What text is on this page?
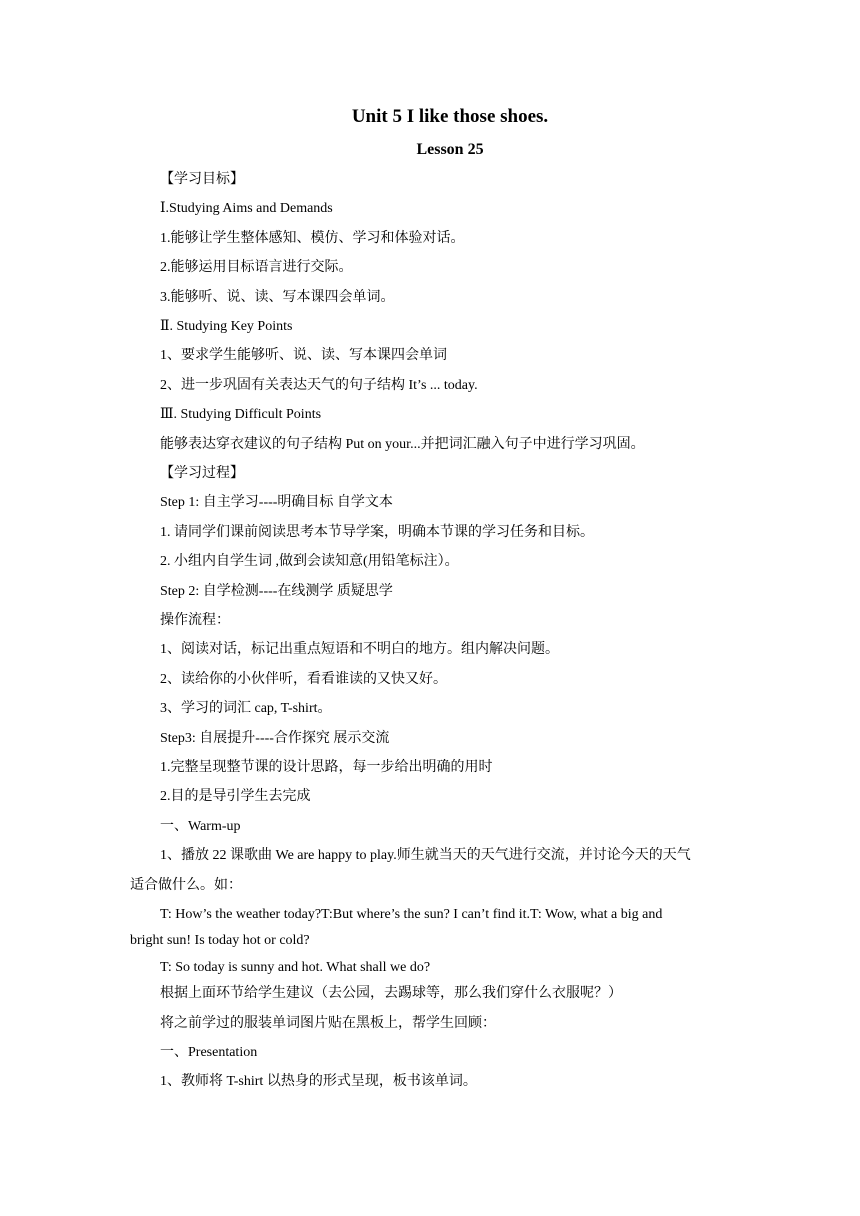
Unit 5 I like those shoes.
Lesson 25
【学习目标】
Ⅰ.Studying Aims and Demands
1.能够让学生整体感知、模仿、学习和体验对话。
2.能够运用目标语言进行交际。
3.能够听、说、读、写本课四会单词。
Ⅱ. Studying Key Points
1、要求学生能够听、说、读、写本课四会单词
2、进一步巩固有关表达天气的句子结构 It’s ... today.
Ⅲ. Studying Difficult Points
能够表达穿衣建议的句子结构 Put on your...并把词汇融入句子中进行学习巩固。
【学习过程】
Step 1: 自主学习----明确目标 自学文本
1. 请同学们课前阅读思考本节导学案，明确本节课的学习任务和目标。
2. 小组内自学生词 ,做到会读知意(用铅笔标注）。
Step 2: 自学检测----在线测学 质疑思学
操作流程：
1、阅读对话，标记出重点短语和不明白的地方。组内解决问题。
2、读给你的小伙伴听，看看谁读的又快又好。
3、学习的词汇 cap, T-shirt。
Step3: 自展提升----合作探究 展示交流
1.完整呈现整节课的设计思路，每一步给出明确的用时
2.目的是导引学生去完成
一、Warm-up
1、播放 22 课歌曲 We are happy to play.师生就当天的天气进行交流，并讨论今天的天气
适合做什么。如：
T: How’s the weather today?T:But where’s the sun? I can’t find it.T: Wow, what a big and
bright sun! Is today hot or cold?
T: So today is sunny and hot. What shall we do?
根据上面环节给学生建议（去公园，去踢球等，那么我们穿什么衣服呢？）
将之前学过的服装单词图片贴在黑板上，帮学生回顾：
一、Presentation
1、教师将 T-shirt 以热身的形式呈现，板书该单词。
